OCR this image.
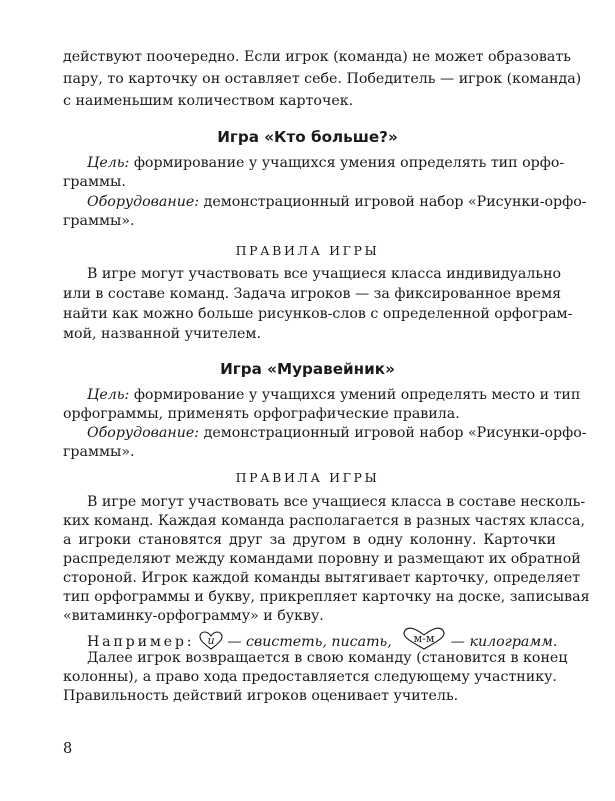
действуют поочередно. Если игрок (команда) не может образовать
пару, то карточку он оставляет себе. Победитель — игрок (команда)
с наименьшим количеством карточек.
Игра «Кто больше?»
Цель: формирование у учащихся умения определять тип орфо-
граммы.
Оборудование: демонстрационный игровой набор «Рисунки-орфо-
граммы».
ПРАВИЛА ИГРЫ
В игре могут участвовать все учащиеся класса индивидуально
или в составе команд. Задача игроков — за фиксированное время
найти как можно больше рисунков-слов с определенной орфограм-
мой, названной учителем.
Игра «Муравейник»
Цель: формирование у учащихся умений определять место и тип
орфограммы, применять орфографические правила.
Оборудование: демонстрационный игровой набор «Рисунки-орфо-
граммы».
ПРАВИЛА ИГРЫ
В игре могут участвовать все учащиеся класса в составе несколь-
ких команд. Каждая команда располагается в разных частях класса,
а игроки становятся друг за другом в одну колонну. Карточки
распределяют между командами поровну и размещают их обратной
стороной. Игрок каждой команды вытягивает карточку, определяет
тип орфограммы и букву, прикрепляет карточку на доске, записывая
«витаминку-орфограмму» и букву.
Например: и — свистеть, писать, м-м — килограмм.
Далее игрок возвращается в свою команду (становится в конец
колонны), а право хода предоставляется следующему участнику.
Правильность действий игроков оценивает учитель.
8
